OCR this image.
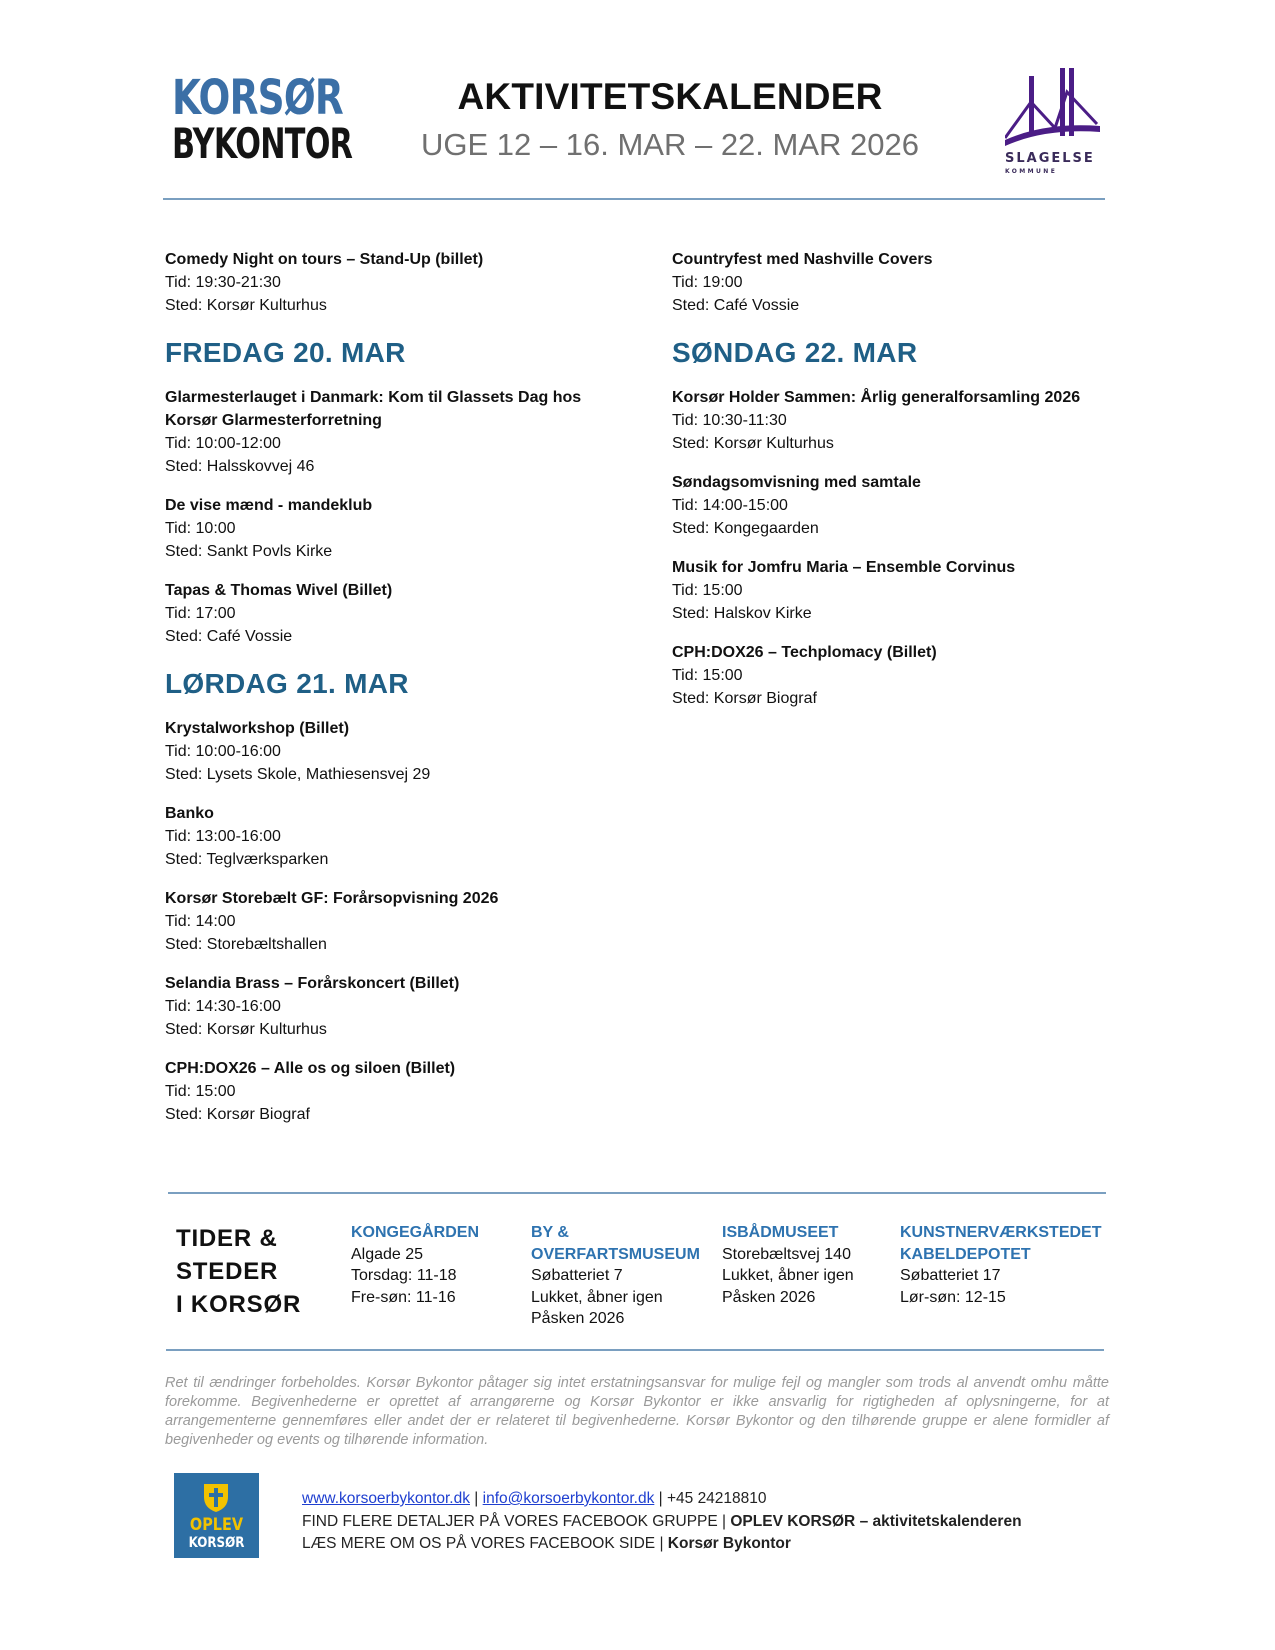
KORSØR
BYKONTOR
AKTIVITETSKALENDER
UGE 12 – 16. MAR – 22. MAR 2026	SLAGELSE
KOMMUNE
Comedy Night on tours – Stand-Up (billet)
Tid: 19:30-21:30
Sted: Korsør Kulturhus
FREDAG 20. MAR
Glarmesterlauget i Danmark: Kom til Glassets Dag hos Korsør Glarmesterforretning
Tid: 10:00-12:00
Sted: Halsskovvej 46
De vise mænd - mandeklub
Tid: 10:00
Sted: Sankt Povls Kirke
Tapas & Thomas Wivel (Billet)
Tid: 17:00
Sted: Café Vossie
LØRDAG 21. MAR
Krystalworkshop (Billet)
Tid: 10:00-16:00
Sted: Lysets Skole, Mathiesensvej 29
Banko
Tid: 13:00-16:00
Sted: Teglværksparken
Korsør Storebælt GF: Forårsopvisning 2026
Tid: 14:00
Sted: Storebæltshallen
Selandia Brass – Forårskoncert (Billet)
Tid: 14:30-16:00
Sted: Korsør Kulturhus
CPH:DOX26 – Alle os og siloen (Billet)
Tid: 15:00
Sted: Korsør Biograf
Countryfest med Nashville Covers
Tid: 19:00
Sted: Café Vossie
SØNDAG 22. MAR
Korsør Holder Sammen: Årlig generalforsamling 2026
Tid: 10:30-11:30
Sted: Korsør Kulturhus
Søndagsomvisning med samtale
Tid: 14:00-15:00
Sted: Kongegaarden
Musik for Jomfru Maria – Ensemble Corvinus
Tid: 15:00
Sted: Halskov Kirke
CPH:DOX26 – Techplomacy (Billet)
Tid: 15:00
Sted: Korsør Biograf
TIDER &
STEDER
I KORSØR
KONGEGÅRDEN
Algade 25
Torsdag: 11-18
Fre-søn: 11-16
BY &
OVERFARTSMUSEUM
Søbatteriet 7
Lukket, åbner igen
Påsken 2026
ISBÅDMUSEET
Storebæltsvej 140
Lukket, åbner igen
Påsken 2026
KUNSTNERVÆRKSTEDET
KABELDEPOTET
Søbatteriet 17
Lør-søn: 12-15
Ret til ændringer forbeholdes. Korsør Bykontor påtager sig intet erstatningsansvar for mulige fejl og mangler som trods al anvendt omhu måtte forekomme. Begivenhederne er oprettet af arrangørerne og Korsør Bykontor er ikke ansvarlig for rigtigheden af oplysningerne, for at arrangementerne gennemføres eller andet der er relateret til begivenhederne. Korsør Bykontor og den tilhørende gruppe er alene formidler af begivenheder og events og tilhørende information.
OPLEV
KORSØR
www.korsoerbykontor.dk | info@korsoerbykontor.dk | +45 24218810
FIND FLERE DETALJER PÅ VORES FACEBOOK GRUPPE | OPLEV KORSØR – aktivitetskalenderen
LÆS MERE OM OS PÅ VORES FACEBOOK SIDE | Korsør Bykontor
